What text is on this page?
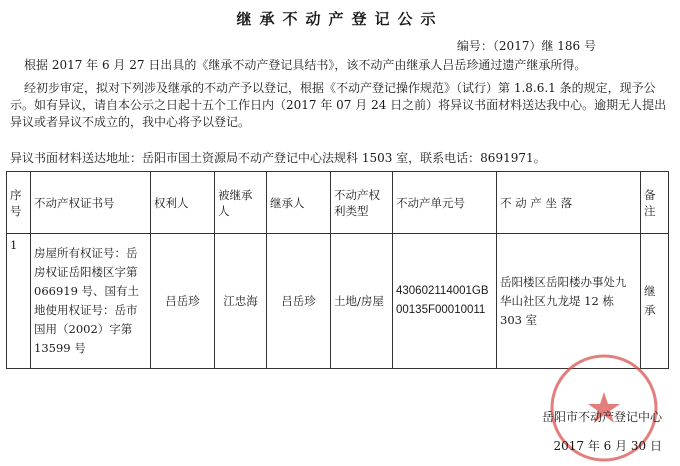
继承不动产登记公示
编号：（2017）继 186 号
根据 2017 年 6 月 27 日出具的《继承不动产登记具结书》，该不动产由继承人吕岳珍通过遗产继承所得。
经初步审定，拟对下列涉及继承的不动产予以登记，根据《不动产登记操作规范》（试行）第 1.8.6.1 条的规定，现予公示。如有异议，请自本公示之日起十五个工作日内（2017 年 07 月 24 日之前）将异议书面材料送达我中心。逾期无人提出异议或者异议不成立的，我中心将予以登记。
异议书面材料送达地址：岳阳市国土资源局不动产登记中心法规科 1503 室，联系电话：8691971。
序号	不动产权证书号	权利人	被继承人	继承人	不动产权利类型	不动产单元号	不 动 产 坐 落	备注
1	房屋所有权证号：岳房权证岳阳楼区字第 066919 号、国有土地使用权证号：岳市国用（2002）字第 13599 号	吕岳珍	江忠海	吕岳珍	土地/房屋	430602114001GB00135F00010011	岳阳楼区岳阳楼办事处九华山社区九龙堤 12 栋 303 室	继承
岳阳市不动产登记中心
2017 年 6 月 30 日
